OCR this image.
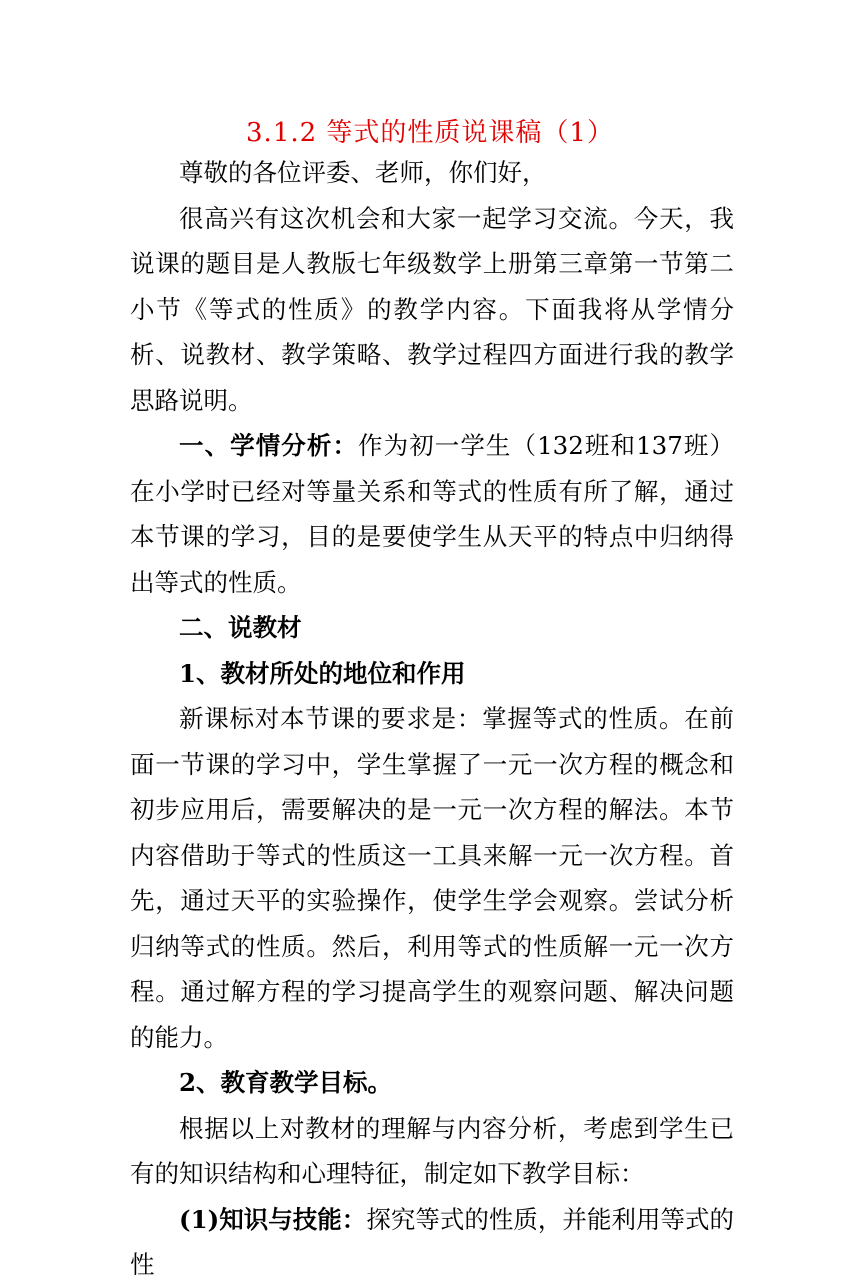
3.1.2 等式的性质说课稿（1）

尊敬的各位评委、老师，你们好，

很高兴有这次机会和大家一起学习交流。今天，我说课的题目是人教版七年级数学上册第三章第一节第二小节《等式的性质》的教学内容。下面我将从学情分析、说教材、教学策略、教学过程四方面进行我的教学思路说明。

一、学情分析：作为初一学生（132班和137班）在小学时已经对等量关系和等式的性质有所了解，通过本节课的学习，目的是要使学生从天平的特点中归纳得出等式的性质。

二、说教材

1、教材所处的地位和作用

新课标对本节课的要求是：掌握等式的性质。在前面一节课的学习中，学生掌握了一元一次方程的概念和初步应用后，需要解决的是一元一次方程的解法。本节内容借助于等式的性质这一工具来解一元一次方程。首先，通过天平的实验操作，使学生学会观察。尝试分析归纳等式的性质。然后，利用等式的性质解一元一次方程。通过解方程的学习提高学生的观察问题、解决问题的能力。

2、教育教学目标。

根据以上对教材的理解与内容分析，考虑到学生已有的知识结构和心理特征，制定如下教学目标：

(1)知识与技能：探究等式的性质，并能利用等式的性
